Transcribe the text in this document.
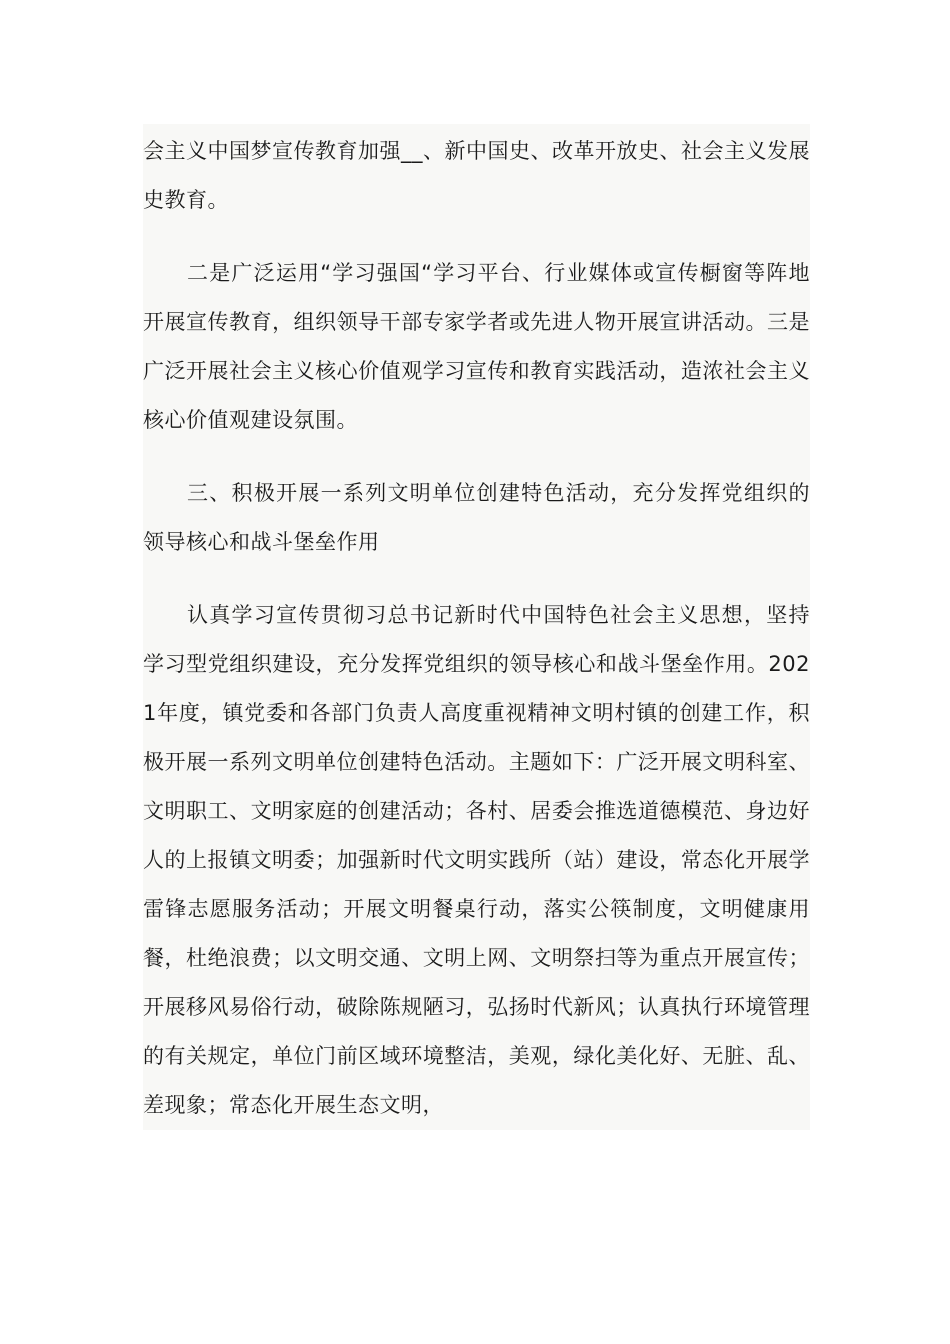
会主义中国梦宣传教育加强__、新中国史、改革开放史、社会主义发展史教育。

二是广泛运用“学习强国“学习平台、行业媒体或宣传橱窗等阵地开展宣传教育，组织领导干部专家学者或先进人物开展宣讲活动。三是广泛开展社会主义核心价值观学习宣传和教育实践活动，造浓社会主义核心价值观建设氛围。

三、积极开展一系列文明单位创建特色活动，充分发挥党组织的领导核心和战斗堡垒作用

认真学习宣传贯彻习总书记新时代中国特色社会主义思想，坚持学习型党组织建设，充分发挥党组织的领导核心和战斗堡垒作用。2021年度，镇党委和各部门负责人高度重视精神文明村镇的创建工作，积极开展一系列文明单位创建特色活动。主题如下：广泛开展文明科室、文明职工、文明家庭的创建活动；各村、居委会推选道德模范、身边好人的上报镇文明委；加强新时代文明实践所（站）建设，常态化开展学雷锋志愿服务活动；开展文明餐桌行动，落实公筷制度，文明健康用餐，杜绝浪费；以文明交通、文明上网、文明祭扫等为重点开展宣传；开展移风易俗行动，破除陈规陋习，弘扬时代新风；认真执行环境管理的有关规定，单位门前区域环境整洁，美观，绿化美化好、无脏、乱、差现象；常态化开展生态文明，
